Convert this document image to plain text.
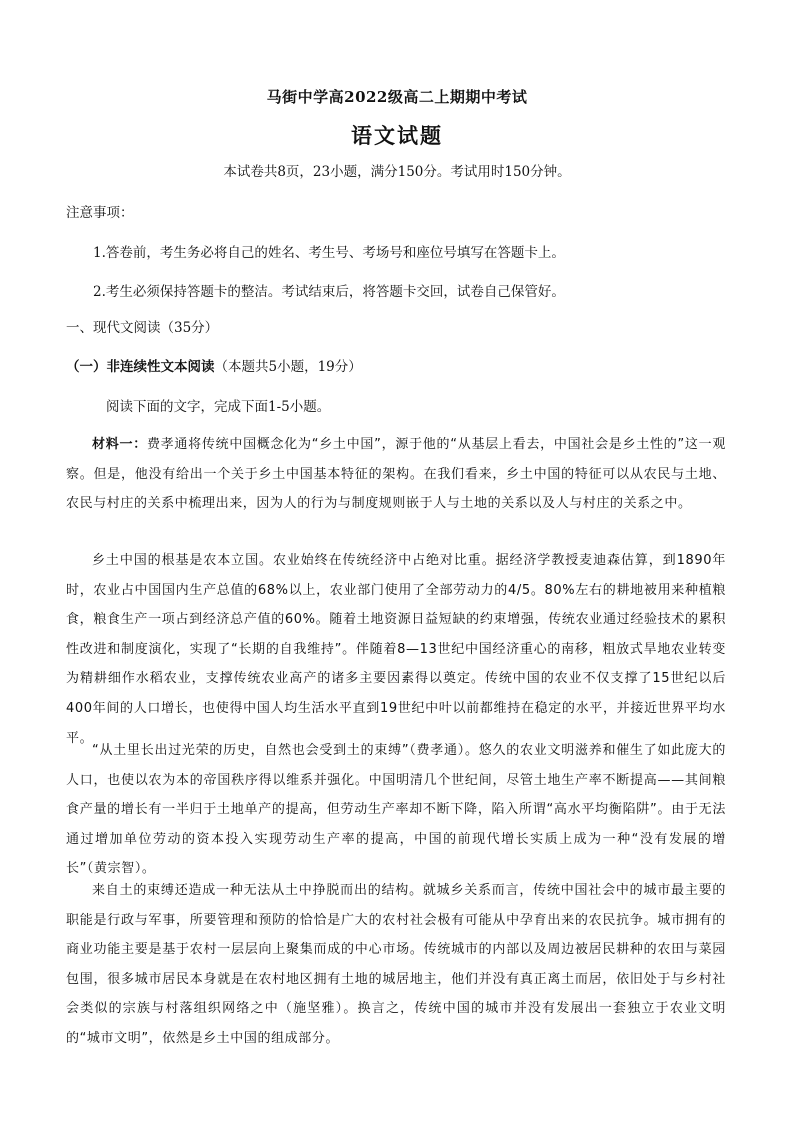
马街中学高2022级高二上期期中考试
语文试题
本试卷共8页，23小题，满分150分。考试用时150分钟。
注意事项：
1.答卷前，考生务必将自己的姓名、考生号、考场号和座位号填写在答题卡上。
2.考生必须保持答题卡的整洁。考试结束后，将答题卡交回，试卷自己保管好。
一、现代文阅读（35分）
（一）非连续性文本阅读（本题共5小题，19分）
阅读下面的文字，完成下面1-5小题。
材料一：费孝通将传统中国概念化为“乡土中国”，源于他的“从基层上看去，中国社会是乡土性的”这一观察。但是，他没有给出一个关于乡土中国基本特征的架构。在我们看来，乡土中国的特征可以从农民与土地、农民与村庄的关系中梳理出来，因为人的行为与制度规则嵌于人与土地的关系以及人与村庄的关系之中。
乡土中国的根基是农本立国。农业始终在传统经济中占绝对比重。据经济学教授麦迪森估算，到1890年时，农业占中国国内生产总值的68%以上，农业部门使用了全部劳动力的4/5。80%左右的耕地被用来种植粮食，粮食生产一项占到经济总产值的60%。随着土地资源日益短缺的约束增强，传统农业通过经验技术的累积性改进和制度演化，实现了“长期的自我维持”。伴随着8—13世纪中国经济重心的南移，粗放式旱地农业转变为精耕细作水稻农业，支撑传统农业高产的诸多主要因素得以奠定。传统中国的农业不仅支撑了15世纪以后400年间的人口增长，也使得中国人均生活水平直到19世纪中叶以前都维持在稳定的水平，并接近世界平均水平。
“从土里长出过光荣的历史，自然也会受到土的束缚”（费孝通）。悠久的农业文明滋养和催生了如此庞大的人口，也使以农为本的帝国秩序得以维系并强化。中国明清几个世纪间，尽管土地生产率不断提高——其间粮食产量的增长有一半归于土地单产的提高，但劳动生产率却不断下降，陷入所谓“高水平均衡陷阱”。由于无法通过增加单位劳动的资本投入实现劳动生产率的提高，中国的前现代增长实质上成为一种“没有发展的增长”（黄宗智）。
来自土的束缚还造成一种无法从土中挣脱而出的结构。就城乡关系而言，传统中国社会中的城市最主要的职能是行政与军事，所要管理和预防的恰恰是广大的农村社会极有可能从中孕育出来的农民抗争。城市拥有的商业功能主要是基于农村一层层向上聚集而成的中心市场。传统城市的内部以及周边被居民耕种的农田与菜园包围，很多城市居民本身就是在农村地区拥有土地的城居地主，他们并没有真正离土而居，依旧处于与乡村社会类似的宗族与村落组织网络之中（施坚雅）。换言之，传统中国的城市并没有发展出一套独立于农业文明的“城市文明”，依然是乡土中国的组成部分。
